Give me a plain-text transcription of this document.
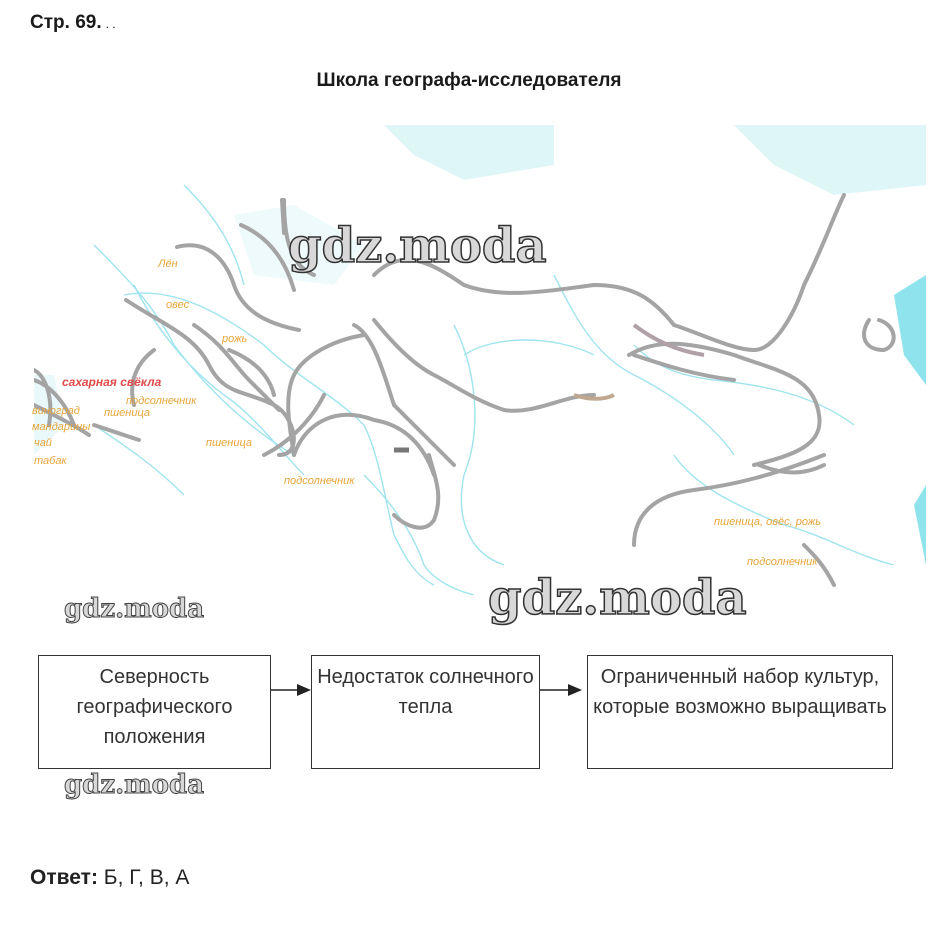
Стр. 69. . .
Школа географа-исследователя
Лён
овес
рожь
сахарная свёкла
подсолнечник
виноград пшеница
мандарины
чай
табак
пшеница
подсолнечник
пшеница, овёс, рожь
подсолнечник
gdz.moda
gdz.moda
gdz.moda
gdz.moda
Северность географического положения
Недостаток солнечного тепла
Ограниченный набор культур, которые возможно выращивать
Ответ: Б, Г, В, А
